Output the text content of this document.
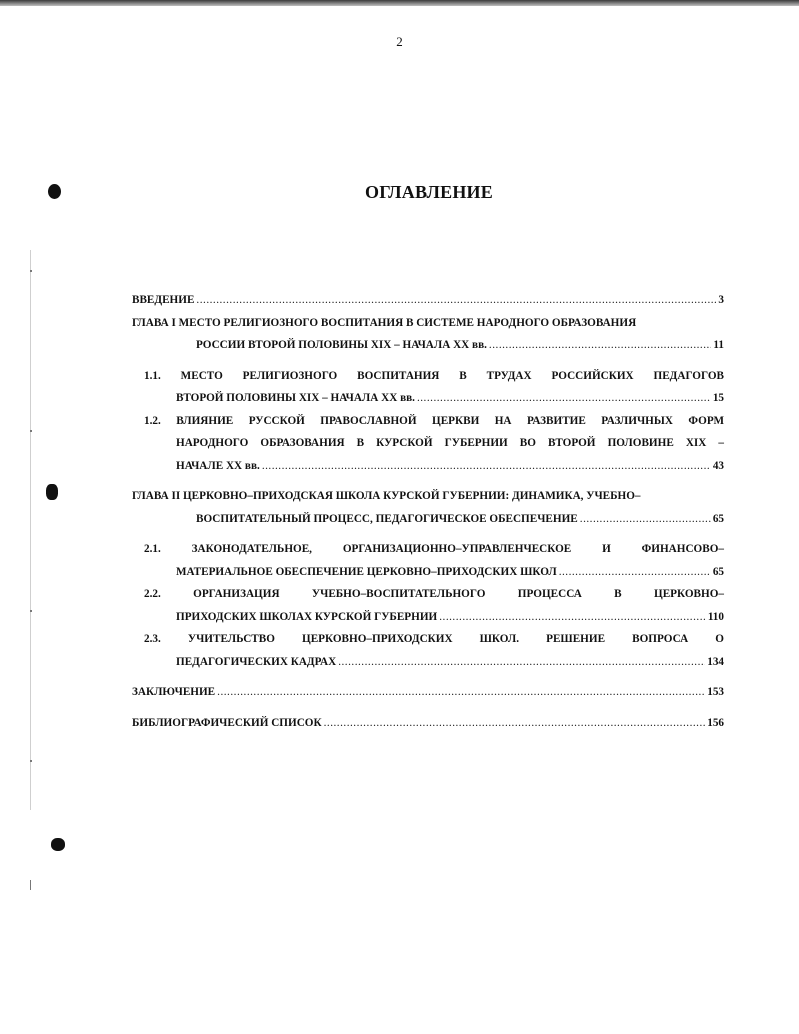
2
ОГЛАВЛЕНИЕ
ВВЕДЕНИЕ .....	3
ГЛАВА I МЕСТО РЕЛИГИОЗНОГО ВОСПИТАНИЯ В СИСТЕМЕ НАРОДНОГО ОБРАЗОВАНИЯ
РОССИИ ВТОРОЙ ПОЛОВИНЫ XIX – НАЧАЛА XX вв. .....	11
1.1. МЕСТО РЕЛИГИОЗНОГО ВОСПИТАНИЯ В ТРУДАХ РОССИЙСКИХ ПЕДАГОГОВ
ВТОРОЙ ПОЛОВИНЫ XIX – НАЧАЛА XX вв. .....	15
1.2. ВЛИЯНИЕ РУССКОЙ ПРАВОСЛАВНОЙ ЦЕРКВИ НА РАЗВИТИЕ РАЗЛИЧНЫХ ФОРМ
НАРОДНОГО ОБРАЗОВАНИЯ В КУРСКОЙ ГУБЕРНИИ ВО ВТОРОЙ ПОЛОВИНЕ XIX –
НАЧАЛЕ XX вв. .....	43
ГЛАВА II ЦЕРКОВНО–ПРИХОДСКАЯ ШКОЛА КУРСКОЙ ГУБЕРНИИ: ДИНАМИКА, УЧЕБНО–
ВОСПИТАТЕЛЬНЫЙ ПРОЦЕСС, ПЕДАГОГИЧЕСКОЕ ОБЕСПЕЧЕНИЕ .....	65
2.1. ЗАКОНОДАТЕЛЬНОЕ, ОРГАНИЗАЦИОННО–УПРАВЛЕНЧЕСКОЕ И ФИНАНСОВО–
МАТЕРИАЛЬНОЕ ОБЕСПЕЧЕНИЕ ЦЕРКОВНО–ПРИХОДСКИХ ШКОЛ .....	65
2.2. ОРГАНИЗАЦИЯ УЧЕБНО–ВОСПИТАТЕЛЬНОГО ПРОЦЕССА В ЦЕРКОВНО–
ПРИХОДСКИХ ШКОЛАХ КУРСКОЙ ГУБЕРНИИ .....	110
2.3. УЧИТЕЛЬСТВО ЦЕРКОВНО–ПРИХОДСКИХ ШКОЛ. РЕШЕНИЕ ВОПРОСА О
ПЕДАГОГИЧЕСКИХ КАДРАХ .....	134
ЗАКЛЮЧЕНИЕ .....	153
БИБЛИОГРАФИЧЕСКИЙ СПИСОК .....	156
